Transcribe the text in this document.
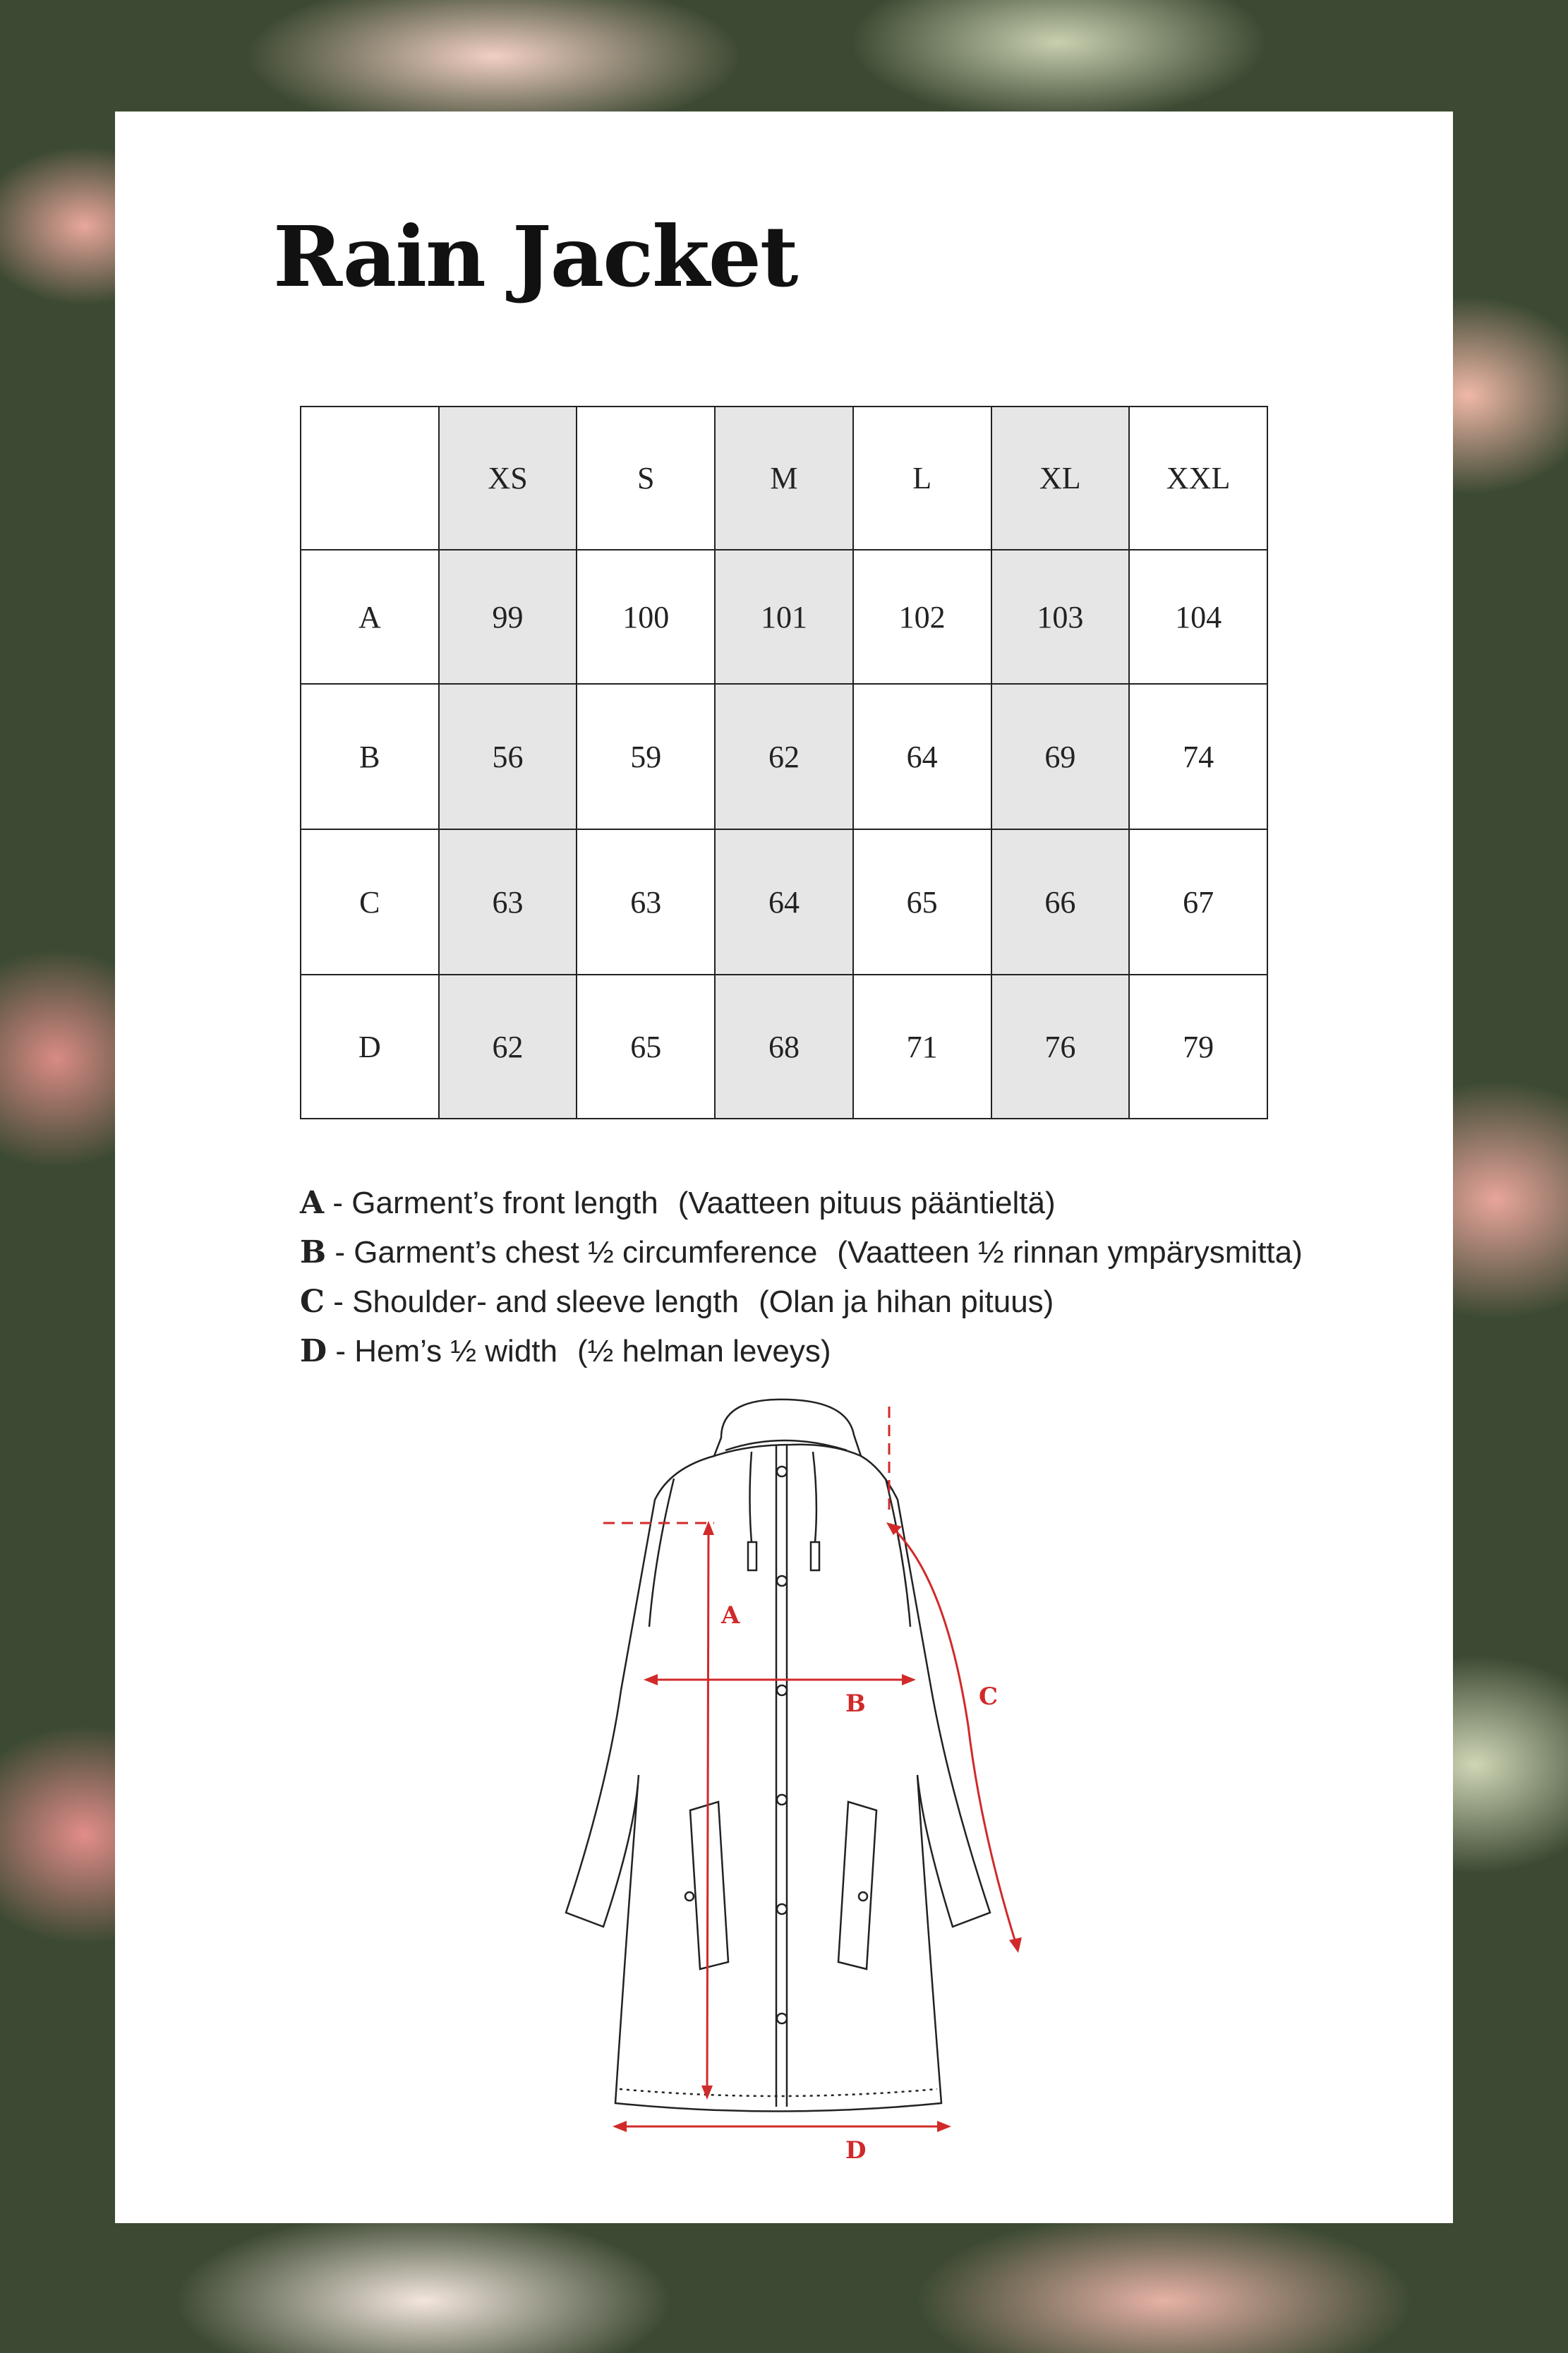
Rain Jacket
	XS	S	M	L	XL	XXL
A	99	100	101	102	103	104
B	56	59	62	64	69	74
C	63	63	64	65	66	67
D	62	65	68	71	76	79
A - Garment’s front length (Vaatteen pituus pääntieltä)
B - Garment’s chest ½ circumference (Vaatteen ½ rinnan ympärysmitta)
C - Shoulder- and sleeve length (Olan ja hihan pituus)
D - Hem’s ½ width (½ helman leveys)
A
B	C
D
